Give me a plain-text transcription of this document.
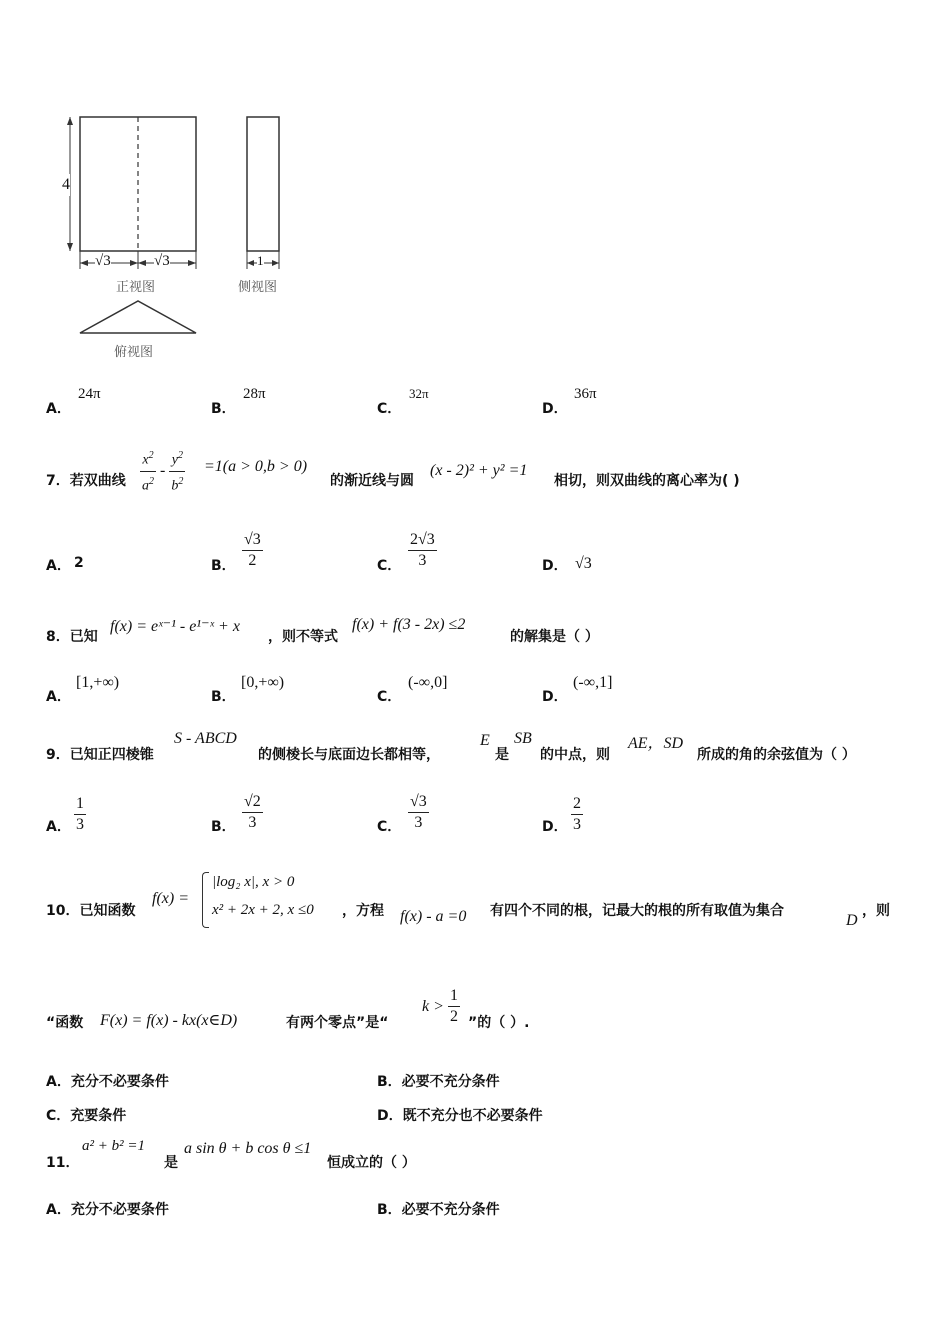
4
√3	√3	1
正视图	侧视图
俯视图
A．
24π
B．
28π
C．
32π
D．
36π
7．若双曲线 $\frac{x^2}{a^2} - \frac{y^2}{b^2} =1(a > 0,b > 0)$
的渐近线与圆
(x - 2)² + y² =1
相切，则双曲线的离心率为( )
A． 2	B． $\frac{√3}{2}$	C． $\frac{2√3}{3}$	D． √3
8．已知
f(x) = eˣ⁻¹ - e¹⁻ˣ + x
，则不等式
f(x) + f(3 - 2x) ≤2
的解集是（ ）
A．
[1,+∞)
B．
[0,+∞)
C．
(-∞,0]
D．
(-∞,1]
9．已知正四棱锥
S - ABCD
的侧棱长与底面边长都相等，
E
是
SB
的中点，则
AE，SD
所成的角的余弦值为（ ）
A． $\frac{1}{3}$	B． $\frac{√2}{3}$	C． $\frac{√3}{3}$	D． $\frac{2}{3}$
10．已知函数
f(x) =
|log₂ x|, x > 0
x² + 2x + 2, x ≤0 ，方程 f(x) - a =0 有四个不同的根，记最大的根的所有取值为集合
D
，则
“函数 F(x) = f(x) - kx(x∈D)	有两个零点”是“
$k > \frac{1}{2}$ ”的（ ）.
A．充分不必要条件	B．必要不充分条件
C．充要条件	D．既不充分也不必要条件
11．
a² + b² =1
是
a sin θ + b cos θ ≤1
恒成立的（ ）
A．充分不必要条件	B．必要不充分条件
